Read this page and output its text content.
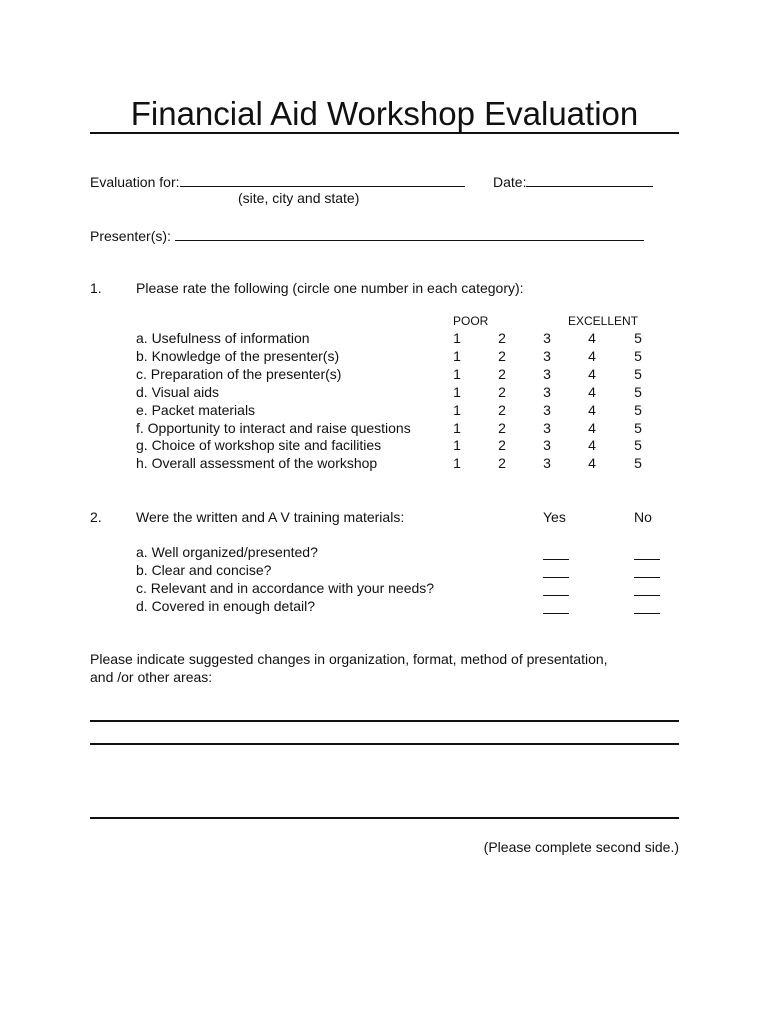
Financial Aid Workshop Evaluation
Evaluation for:	Date:
(site, city and state)
Presenter(s):
1. Please rate the following (circle one number in each category):
POOR	EXCELLENT
a. Usefulness of information	1	2	3	4	5
b. Knowledge of the presenter(s)	1	2	3	4	5
c. Preparation of the presenter(s)	1	2	3	4	5
d. Visual aids	1	2	3	4	5
e. Packet materials	1	2	3	4	5
f. Opportunity to interact and raise questions	1	2	3	4	5
g. Choice of workshop site and facilities	1	2	3	4	5
h. Overall assessment of the workshop	1	2	3	4	5
2. Were the written and A V training materials:	Yes	No
a. Well organized/presented?
b. Clear and concise?
c. Relevant and in accordance with your needs?
d. Covered in enough detail?
Please indicate suggested changes in organization, format, method of presentation,
and /or other areas:
(Please complete second side.)
